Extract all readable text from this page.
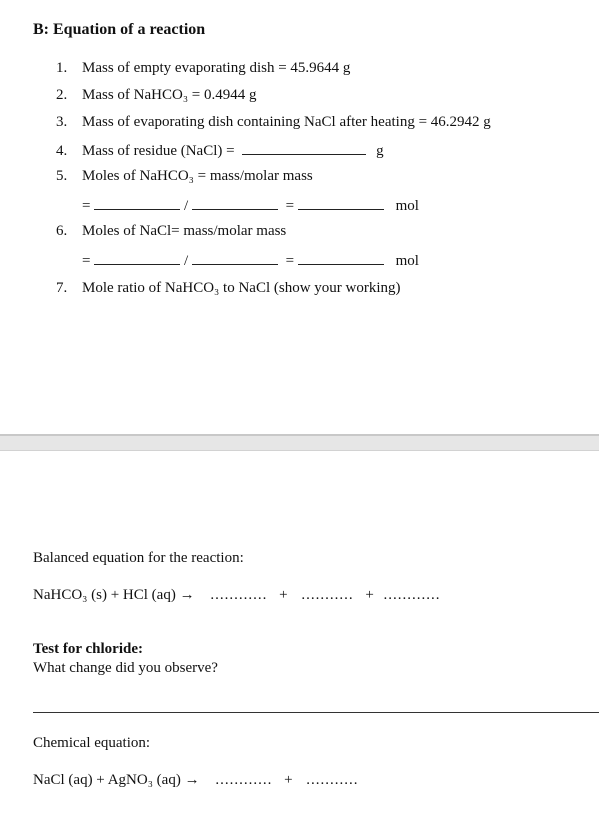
B: Equation of a reaction
1. Mass of empty evaporating dish = 45.9644 g
2. Mass of NaHCO₃ = 0.4944 g
3. Mass of evaporating dish containing NaCl after heating = 46.2942 g
4. Mass of residue (NaCl) =	g
5. Moles of NaHCO₃ = mass/molar mass
=	/	=	mol
6. Moles of NaCl= mass/molar mass
=	/	=	mol
7. Mole ratio of NaHCO₃ to NaCl (show your working)
Balanced equation for the reaction:
NaHCO₃ (s) + HCl (aq) → ............ + ........... + ............
Test for chloride:
What change did you observe?
Chemical equation:
NaCl (aq) + AgNO₃ (aq) → ............ + ...........
